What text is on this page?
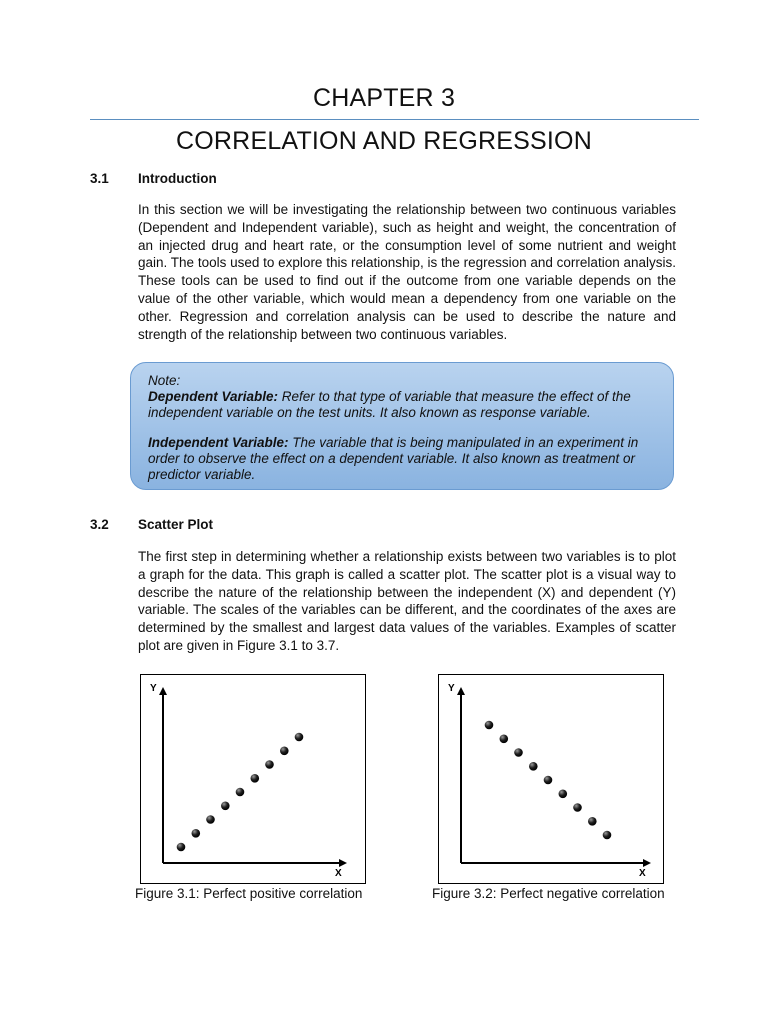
CHAPTER 3
CORRELATION AND REGRESSION
3.1 Introduction
In this section we will be investigating the relationship between two continuous variables (Dependent and Independent variable), such as height and weight, the concentration of an injected drug and heart rate, or the consumption level of some nutrient and weight gain. The tools used to explore this relationship, is the regression and correlation analysis. These tools can be used to find out if the outcome from one variable depends on the value of the other variable, which would mean a dependency from one variable on the other. Regression and correlation analysis can be used to describe the nature and strength of the relationship between two continuous variables.

Note:

Dependent Variable: Refer to that type of variable that measure the effect of the independent variable on the test units. It also known as response variable.

Independent Variable: The variable that is being manipulated in an experiment in order to observe the effect on a dependent variable. It also known as treatment or predictor variable.

3.2 Scatter Plot
The first step in determining whether a relationship exists between two variables is to plot a graph for the data. This graph is called a scatter plot. The scatter plot is a visual way to describe the nature of the relationship between the independent (X) and dependent (Y) variable. The scales of the variables can be different, and the coordinates of the axes are determined by the smallest and largest data values of the variables. Examples of scatter plot are given in Figure 3.1 to 3.7.
Y
X
Figure 3.1: Perfect positive correlation
Y
X
Figure 3.2: Perfect negative correlation
